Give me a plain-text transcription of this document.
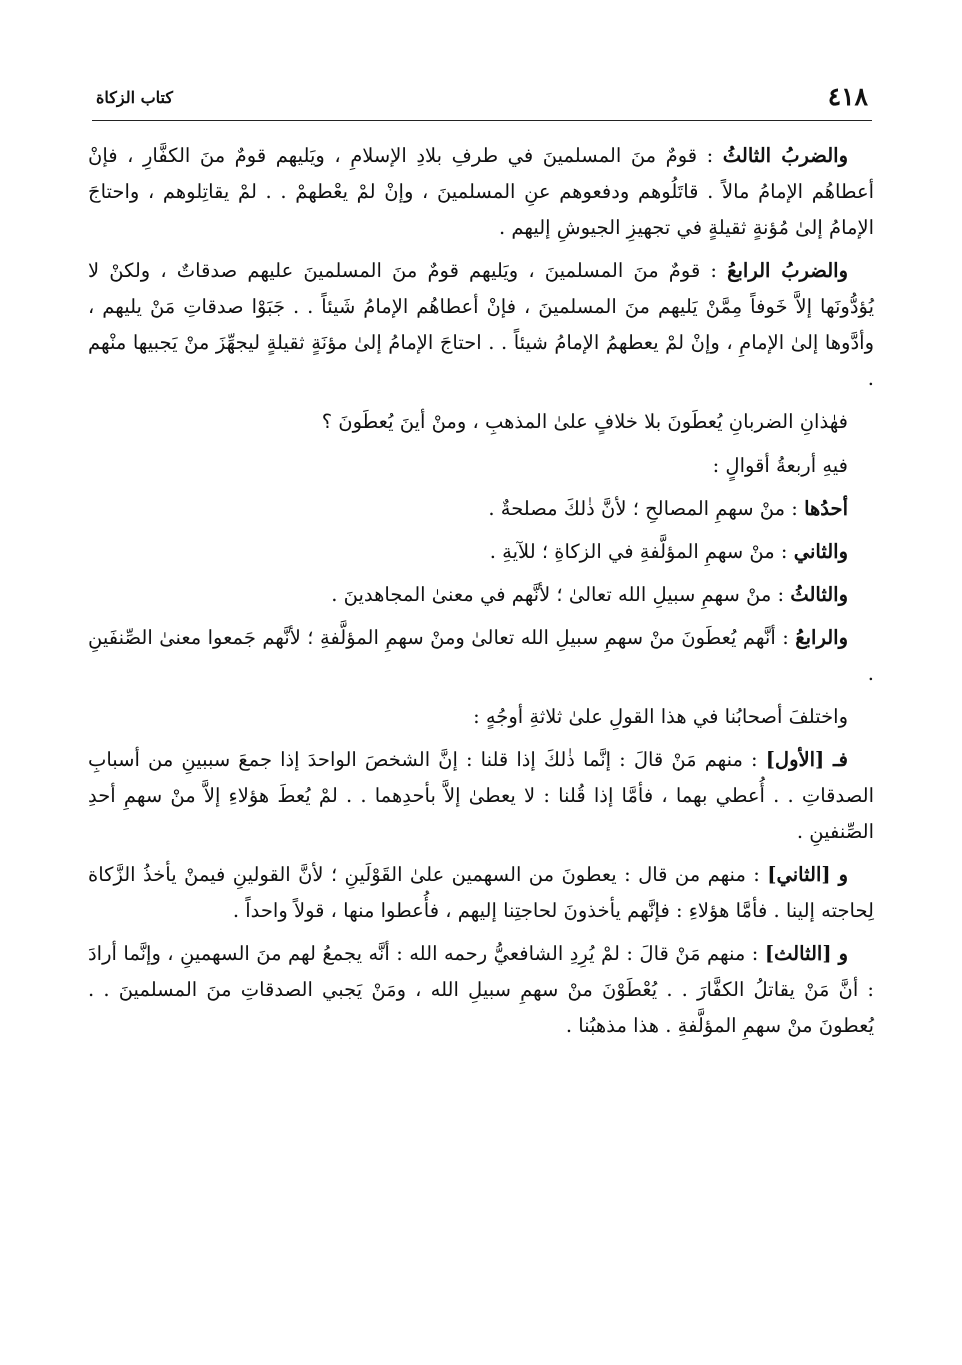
٤١٨
كتاب الزكاة

والضربُ الثالثُ : قومٌ منَ المسلمينَ في طرفِ بلادِ الإسلامِ ، ويَليهم قومٌ منَ الكفَّارِ ، فإنْ أعطاهُم الإمامُ مالاً . قاتَلُوهم ودفعوهم عنِ المسلمينَ ، وإنْ لمْ يعْطهمْ . . لمْ يقاتِلوهم ، واحتاجَ الإمامُ إلىٰ مُؤنةٍ ثقيلةٍ في تجهيزِ الجيوشِ إليهم .

والضربُ الرابعُ : قومٌ منَ المسلمينَ ، ويَليهم قومٌ منَ المسلمينَ عليهم صدقاتٌ ، ولكنْ لا يُؤدُّونَها إلاَّ خَوفاً مِمَّنْ يَليهم منَ المسلمينَ ، فإنْ أعطاهُم الإمامُ شَيئاً . . جَبَوْا صدقاتِ مَنْ يليهم ، وأدَّوها إلىٰ الإمامِ ، وإنْ لمْ يعطهمُ الإمامُ شيئاً . . احتاجَ الإمامُ إلىٰ مؤنَةٍ ثقيلةٍ ليجهِّزَ منْ يَجبيها منْهم .

فهٰذانِ الضربانِ يُعطَونَ بلا خلافٍ علىٰ المذهبِ ، ومنْ أينَ يُعطَونَ ؟

فيهِ أربعةُ أقوالٍ :

أحدُها : منْ سهمِ المصالحِ ؛ لأنَّ ذٰلكَ مصلحةٌ .

والثاني : منْ سهمِ المؤلَّفةِ في الزكاةِ ؛ للآيةِ .

والثالثُ : منْ سهمِ سبيلِ الله تعالىٰ ؛ لأنَّهم في معنىٰ المجاهدينَ .

والرابعُ : أنَّهم يُعطَونَ منْ سهمِ سبيلِ الله تعالىٰ ومنْ سهمِ المؤلَّفةِ ؛ لأنَّهم جَمعوا معنىٰ الصِّنفَينِ .

واختلفَ أصحابُنا في هذا القولِ علىٰ ثلاثةِ أوجُهٍ :

فـ [الأول] : منهم مَنْ قالَ : إنَّما ذٰلكَ إذا قلنا : إنَّ الشخصَ الواحدَ إذا جمعَ سببينِ من أسبابِ الصدقاتِ . . أُعطي بهما ، فأمَّا إذا قُلنا : لا يعطىٰ إلاَّ بأحدِهما . . لمْ يُعطَ هؤلاءِ إلاَّ منْ سهمِ أحدِ الصِّنفينِ .

و [الثاني] : منهم من قال : يعطونَ من السهمين علىٰ القَوْلَينِ ؛ لأنَّ القولينِ فيمنْ يأخذُ الزَّكاة لِحاجته إلينا . فأمَّا هؤلاءِ : فإنَّهم يأخذونَ لحاجتِنا إليهم ، فأُعطوا منها ، قولاً واحداً .

و [الثالث] : منهم مَنْ قالَ : لمْ يُرِدِ الشافعيُّ رحمه الله : أنَّه يجمعُ لهم منَ السهمينِ ، وإنَّما أرادَ : أنَّ مَنْ يقاتلُ الكفَّارَ . . يُعْطَوْنَ منْ سهمِ سبيلِ الله ، ومَنْ يَجبي الصدقاتِ منَ المسلمينَ . . يُعطونَ منْ سهمِ المؤلَّفةِ . هذا مذهبُنا .
